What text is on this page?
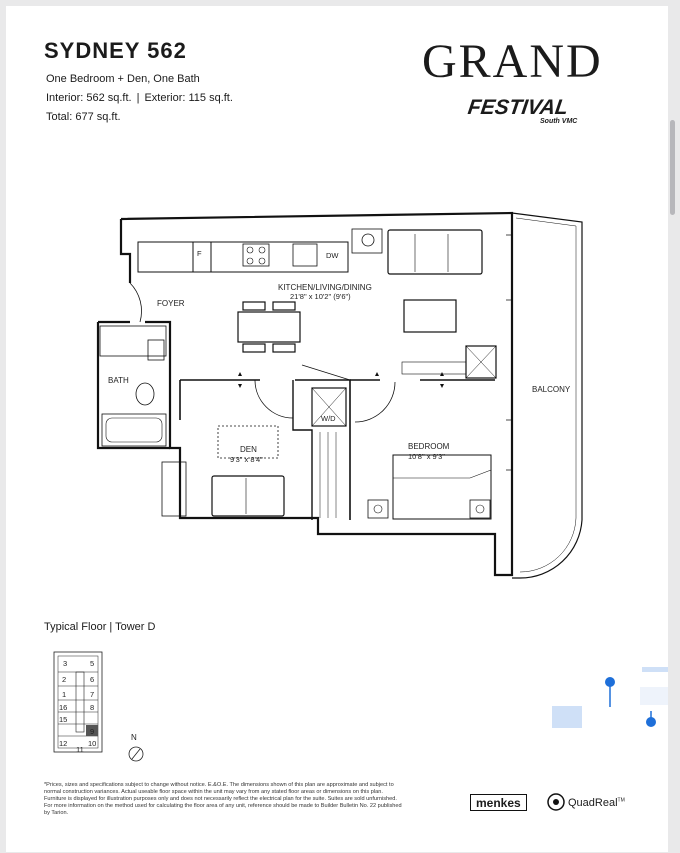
SYDNEY 562
One Bedroom + Den, One Bath
Interior: 562 sq.ft. | Exterior: 115 sq.ft.
Total: 677 sq.ft.
GRAND
FESTIVAL
South VMC
F	DW
KITCHEN/LIVING/DINING
21'8" x 10'2" (9'6")
FOYER
BATH
W/D
DEN
9'3" x 8'4"
BEDROOM
10'8" x 9'3"
BALCONY
3	5
2	6
1	7
16	8
15
9
12	10
11
N
Typical Floor | Tower D
*Prices, sizes and specifications subject to change without notice. E.&O.E. The dimensions shown of this plan are approximate and subject to normal construction variances. Actual useable floor space within the unit may vary from any stated floor areas or dimensions on this plan. Furniture is displayed for illustration purposes only and does not necessarily reflect the electrical plan for the suite. Suites are sold unfurnished. For more information on the method used for calculating the floor area of any unit, reference should be made to Builder Bulletin No. 22 published by Tarion.
menkes	QuadReal™
